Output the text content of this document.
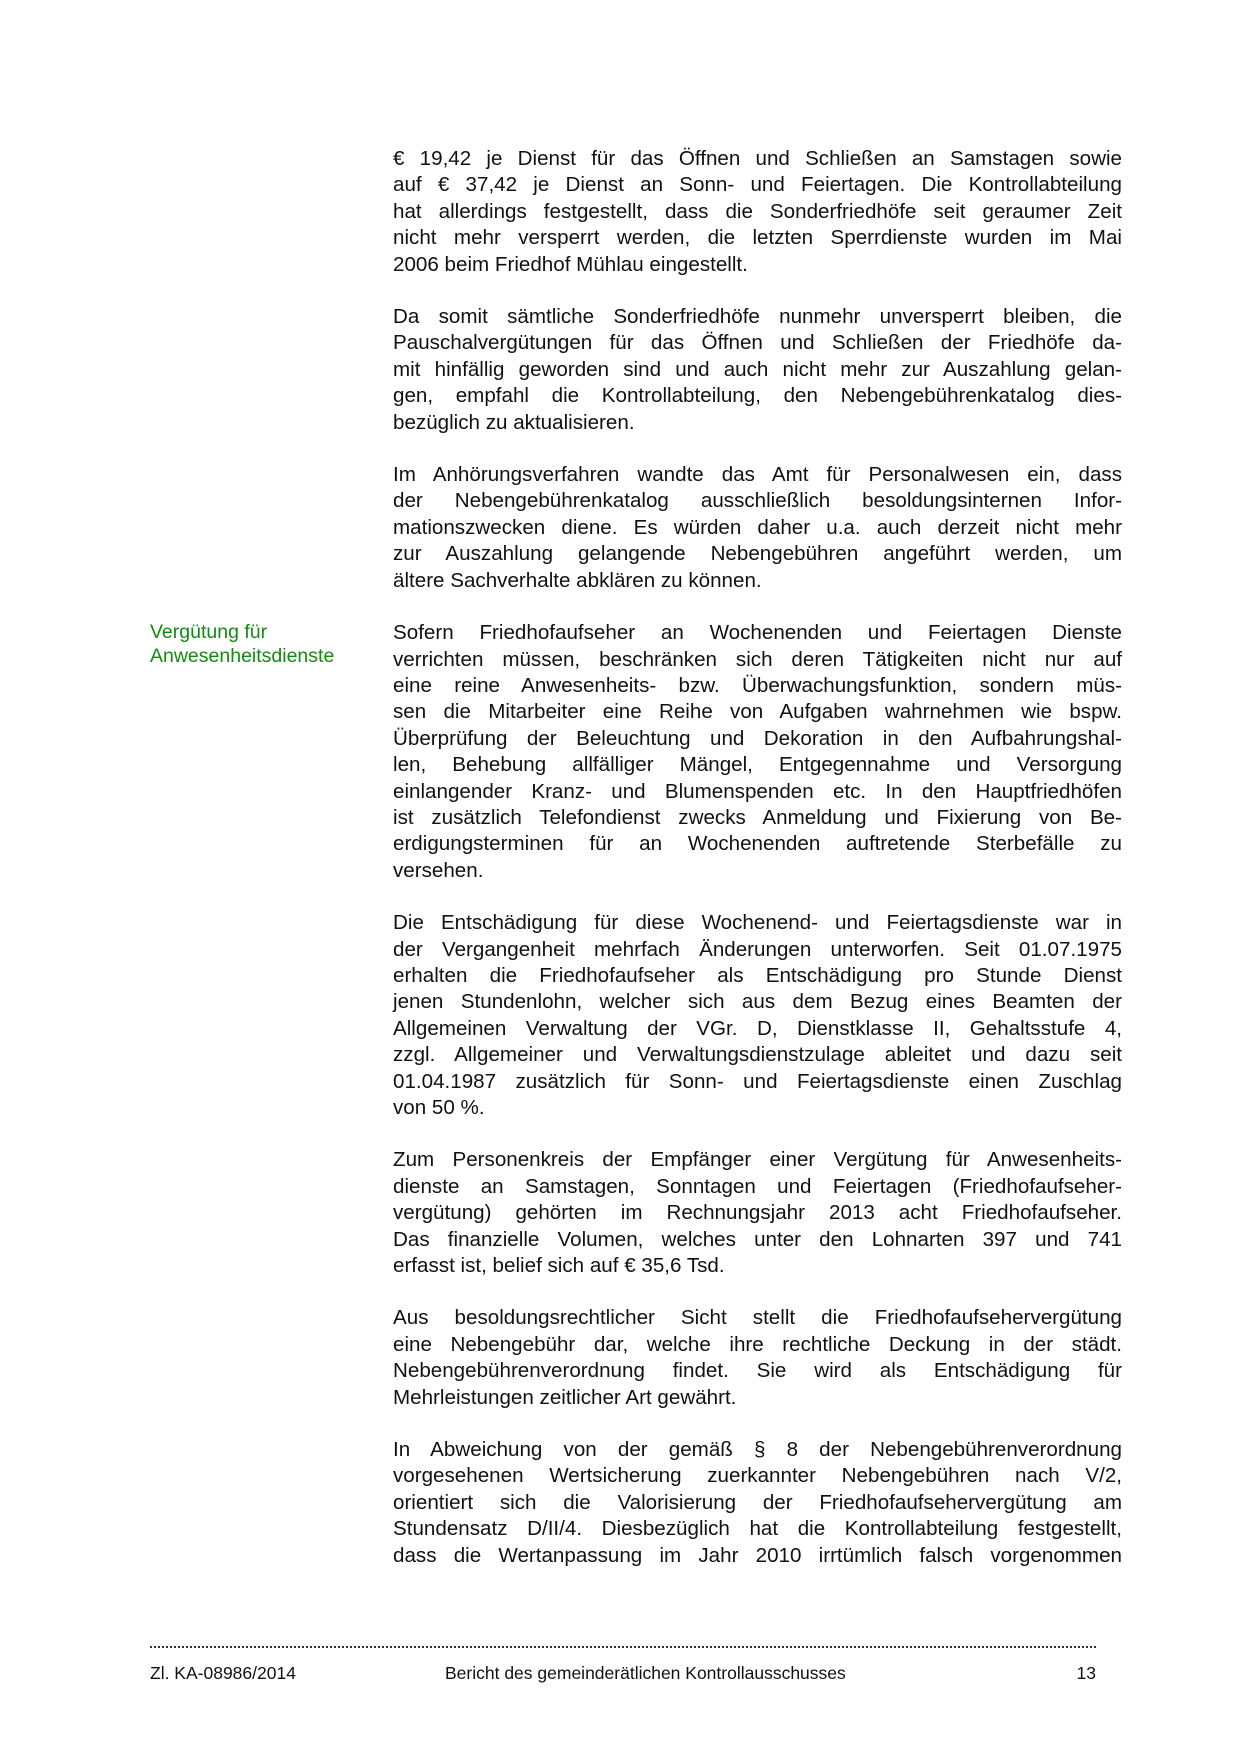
Vergütung für
Anwesenheitsdienste
€ 19,42 je Dienst für das Öffnen und Schließen an Samstagen sowie
auf € 37,42 je Dienst an Sonn- und Feiertagen. Die Kontrollabteilung
hat allerdings festgestellt, dass die Sonderfriedhöfe seit geraumer Zeit
nicht mehr versperrt werden, die letzten Sperrdienste wurden im Mai
2006 beim Friedhof Mühlau eingestellt.
Da somit sämtliche Sonderfriedhöfe nunmehr unversperrt bleiben, die
Pauschalvergütungen für das Öffnen und Schließen der Friedhöfe da-
mit hinfällig geworden sind und auch nicht mehr zur Auszahlung gelan-
gen, empfahl die Kontrollabteilung, den Nebengebührenkatalog dies-
bezüglich zu aktualisieren.
Im Anhörungsverfahren wandte das Amt für Personalwesen ein, dass
der Nebengebührenkatalog ausschließlich besoldungsinternen Infor-
mationszwecken diene. Es würden daher u.a. auch derzeit nicht mehr
zur Auszahlung gelangende Nebengebühren angeführt werden, um
ältere Sachverhalte abklären zu können.
Sofern Friedhofaufseher an Wochenenden und Feiertagen Dienste
verrichten müssen, beschränken sich deren Tätigkeiten nicht nur auf
eine reine Anwesenheits- bzw. Überwachungsfunktion, sondern müs-
sen die Mitarbeiter eine Reihe von Aufgaben wahrnehmen wie bspw.
Überprüfung der Beleuchtung und Dekoration in den Aufbahrungshal-
len, Behebung allfälliger Mängel, Entgegennahme und Versorgung
einlangender Kranz- und Blumenspenden etc. In den Hauptfriedhöfen
ist zusätzlich Telefondienst zwecks Anmeldung und Fixierung von Be-
erdigungsterminen für an Wochenenden auftretende Sterbefälle zu
versehen.
Die Entschädigung für diese Wochenend- und Feiertagsdienste war in
der Vergangenheit mehrfach Änderungen unterworfen. Seit 01.07.1975
erhalten die Friedhofaufseher als Entschädigung pro Stunde Dienst
jenen Stundenlohn, welcher sich aus dem Bezug eines Beamten der
Allgemeinen Verwaltung der VGr. D, Dienstklasse II, Gehaltsstufe 4,
zzgl. Allgemeiner und Verwaltungsdienstzulage ableitet und dazu seit
01.04.1987 zusätzlich für Sonn- und Feiertagsdienste einen Zuschlag
von 50 %.
Zum Personenkreis der Empfänger einer Vergütung für Anwesenheits-
dienste an Samstagen, Sonntagen und Feiertagen (Friedhofaufseher-
vergütung) gehörten im Rechnungsjahr 2013 acht Friedhofaufseher.
Das finanzielle Volumen, welches unter den Lohnarten 397 und 741
erfasst ist, belief sich auf € 35,6 Tsd.
Aus besoldungsrechtlicher Sicht stellt die Friedhofaufsehervergütung
eine Nebengebühr dar, welche ihre rechtliche Deckung in der städt.
Nebengebührenverordnung findet. Sie wird als Entschädigung für
Mehrleistungen zeitlicher Art gewährt.
In Abweichung von der gemäß § 8 der Nebengebührenverordnung
vorgesehenen Wertsicherung zuerkannter Nebengebühren nach V/2,
orientiert sich die Valorisierung der Friedhofaufsehervergütung am
Stundensatz D/II/4. Diesbezüglich hat die Kontrollabteilung festgestellt,
dass die Wertanpassung im Jahr 2010 irrtümlich falsch vorgenommen
Zl. KA-08986/2014	Bericht des gemeinderätlichen Kontrollausschusses	13
